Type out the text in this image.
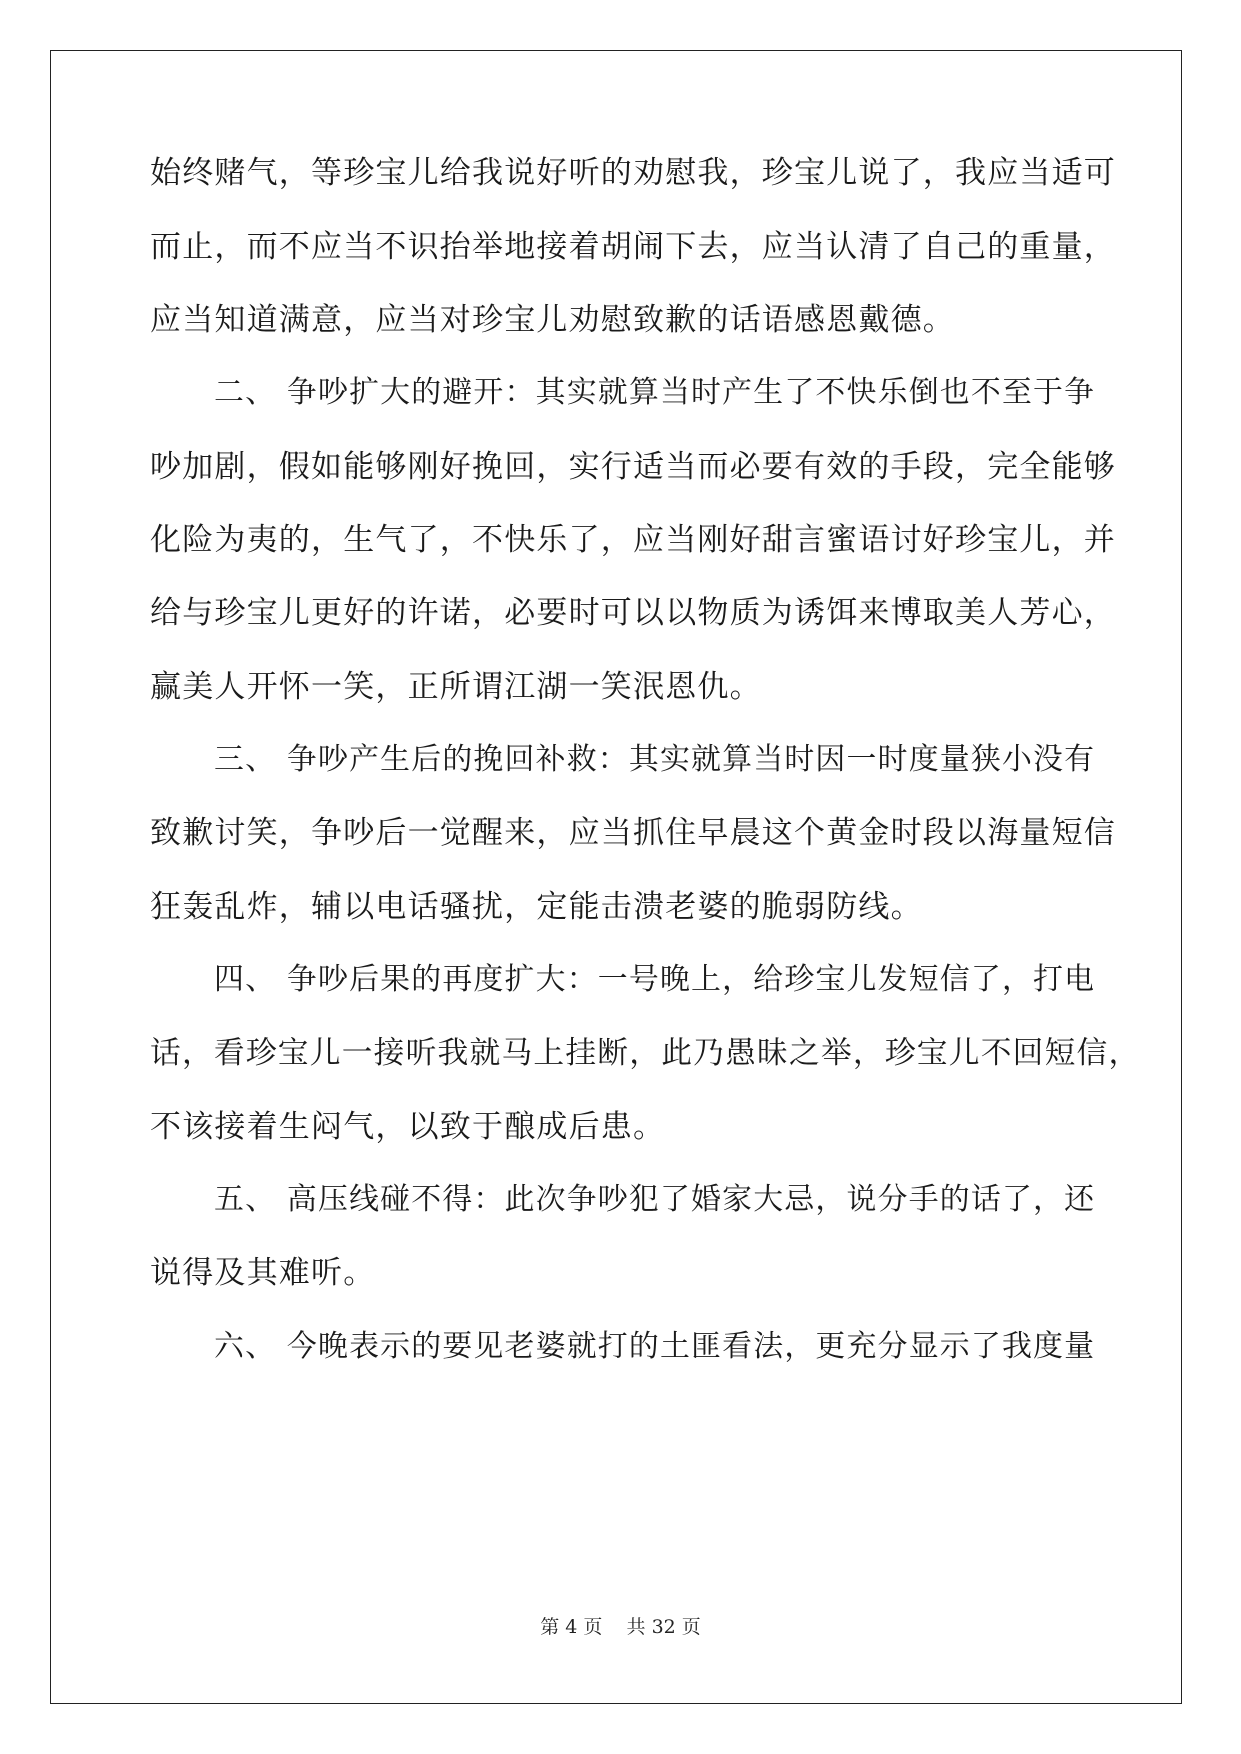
始终赌气，等珍宝儿给我说好听的劝慰我，珍宝儿说了，我应当适可
而止，而不应当不识抬举地接着胡闹下去，应当认清了自己的重量，
应当知道满意，应当对珍宝儿劝慰致歉的话语感恩戴德。
二、 争吵扩大的避开：其实就算当时产生了不快乐倒也不至于争
吵加剧，假如能够刚好挽回，实行适当而必要有效的手段，完全能够
化险为夷的，生气了，不快乐了，应当刚好甜言蜜语讨好珍宝儿，并
给与珍宝儿更好的许诺，必要时可以以物质为诱饵来博取美人芳心，
赢美人开怀一笑，正所谓江湖一笑泯恩仇。
三、 争吵产生后的挽回补救：其实就算当时因一时度量狭小没有
致歉讨笑，争吵后一觉醒来，应当抓住早晨这个黄金时段以海量短信
狂轰乱炸，辅以电话骚扰，定能击溃老婆的脆弱防线。
四、 争吵后果的再度扩大：一号晚上，给珍宝儿发短信了，打电
话，看珍宝儿一接听我就马上挂断，此乃愚昧之举，珍宝儿不回短信，
不该接着生闷气，以致于酿成后患。
五、 高压线碰不得：此次争吵犯了婚家大忌，说分手的话了，还
说得及其难听。
六、 今晚表示的要见老婆就打的土匪看法，更充分显示了我度量
第 4 页 共 32 页
